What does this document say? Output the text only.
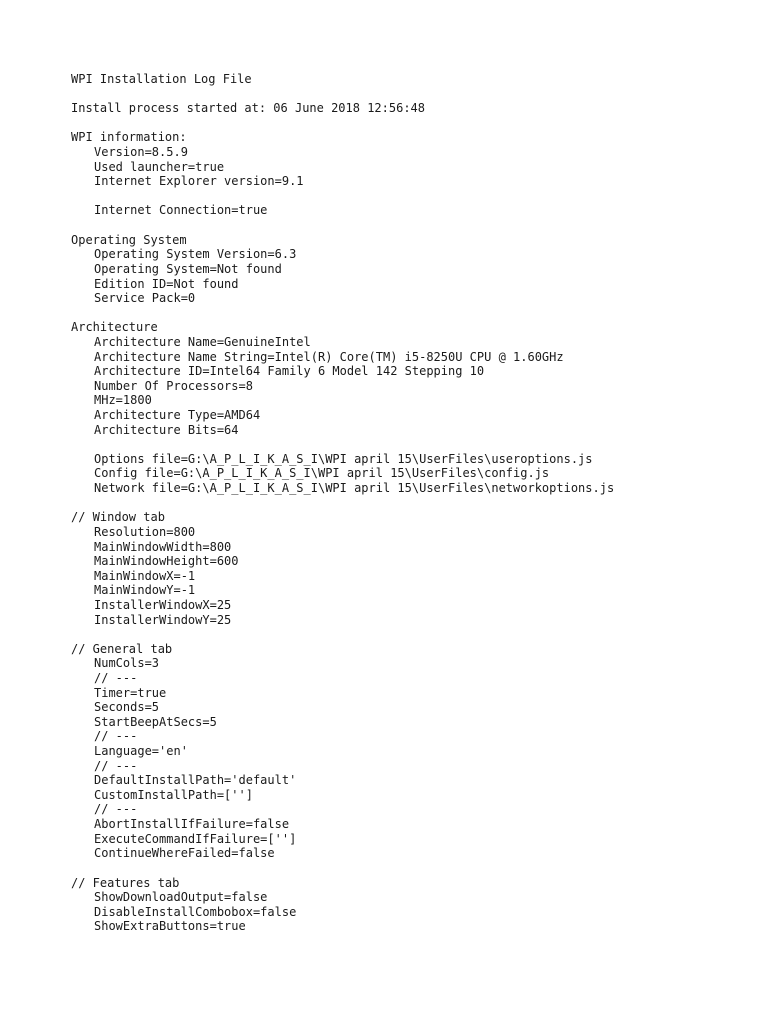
WPI Installation Log File
Install process started at: 06 June 2018 12:56:48
WPI information:
Version=8.5.9
Used launcher=true
Internet Explorer version=9.1
Internet Connection=true
Operating System
Operating System Version=6.3
Operating System=Not found
Edition ID=Not found
Service Pack=0
Architecture
Architecture Name=GenuineIntel
Architecture Name String=Intel(R) Core(TM) i5-8250U CPU @ 1.60GHz
Architecture ID=Intel64 Family 6 Model 142 Stepping 10
Number Of Processors=8
MHz=1800
Architecture Type=AMD64
Architecture Bits=64
Options file=G:\A_P_L_I_K_A_S_I\WPI april 15\UserFiles\useroptions.js
Config file=G:\A_P_L_I_K_A_S_I\WPI april 15\UserFiles\config.js
Network file=G:\A_P_L_I_K_A_S_I\WPI april 15\UserFiles\networkoptions.js
// Window tab
Resolution=800
MainWindowWidth=800
MainWindowHeight=600
MainWindowX=-1
MainWindowY=-1
InstallerWindowX=25
InstallerWindowY=25
// General tab
NumCols=3
// ---
Timer=true
Seconds=5
StartBeepAtSecs=5
// ---
Language='en'
// ---
DefaultInstallPath='default'
CustomInstallPath=['']
// ---
AbortInstallIfFailure=false
ExecuteCommandIfFailure=['']
ContinueWhereFailed=false
// Features tab
ShowDownloadOutput=false
DisableInstallCombobox=false
ShowExtraButtons=true
